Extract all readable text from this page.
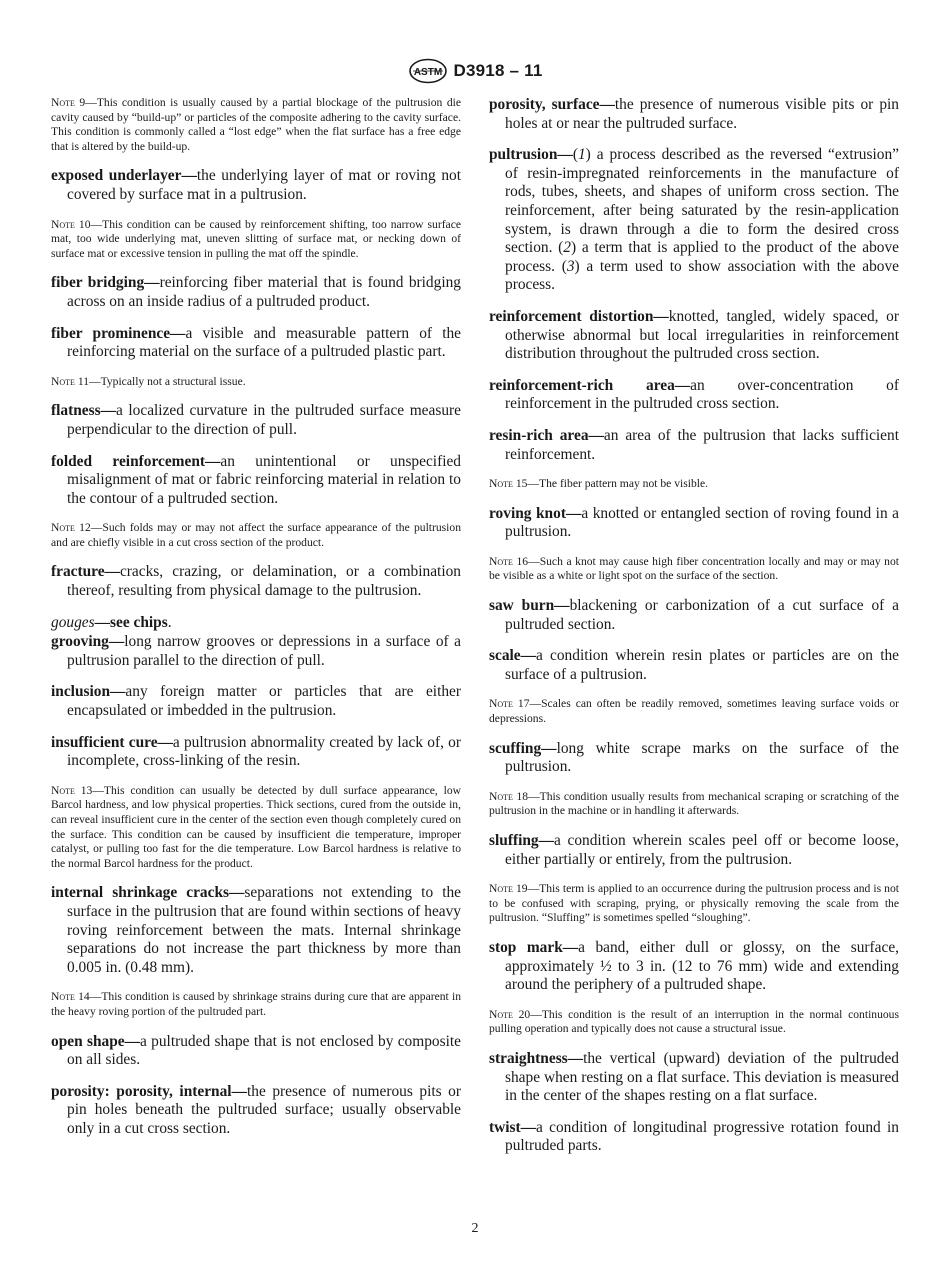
ASTM D3918 – 11

Note 9—This condition is usually caused by a partial blockage of the pultrusion die cavity caused by “build-up” or particles of the composite adhering to the cavity surface. This condition is commonly called a “lost edge” when the flat surface has a free edge that is altered by the build-up.

exposed underlayer—the underlying layer of mat or roving not covered by surface mat in a pultrusion.

Note 10—This condition can be caused by reinforcement shifting, too narrow surface mat, too wide underlying mat, uneven slitting of surface mat, or necking down of surface mat or excessive tension in pulling the mat off the spindle.

fiber bridging—reinforcing fiber material that is found bridging across on an inside radius of a pultruded product.

fiber prominence—a visible and measurable pattern of the reinforcing material on the surface of a pultruded plastic part.

Note 11—Typically not a structural issue.

flatness—a localized curvature in the pultruded surface measure perpendicular to the direction of pull.

folded reinforcement—an unintentional or unspecified misalignment of mat or fabric reinforcing material in relation to the contour of a pultruded section.

Note 12—Such folds may or may not affect the surface appearance of the pultrusion and are chiefly visible in a cut cross section of the product.

fracture—cracks, crazing, or delamination, or a combination thereof, resulting from physical damage to the pultrusion.

gouges—see chips.

grooving—long narrow grooves or depressions in a surface of a pultrusion parallel to the direction of pull.

inclusion—any foreign matter or particles that are either encapsulated or imbedded in the pultrusion.

insufficient cure—a pultrusion abnormality created by lack of, or incomplete, cross-linking of the resin.

Note 13—This condition can usually be detected by dull surface appearance, low Barcol hardness, and low physical properties. Thick sections, cured from the outside in, can reveal insufficient cure in the center of the section even though completely cured on the surface. This condition can be caused by insufficient die temperature, improper catalyst, or pulling too fast for the die temperature. Low Barcol hardness is relative to the normal Barcol hardness for the product.

internal shrinkage cracks—separations not extending to the surface in the pultrusion that are found within sections of heavy roving reinforcement between the mats. Internal shrinkage separations do not increase the part thickness by more than 0.005 in. (0.48 mm).

Note 14—This condition is caused by shrinkage strains during cure that are apparent in the heavy roving portion of the pultruded part.

open shape—a pultruded shape that is not enclosed by composite on all sides.

porosity: porosity, internal—the presence of numerous pits or pin holes beneath the pultruded surface; usually observable only in a cut cross section.

porosity, surface—the presence of numerous visible pits or pin holes at or near the pultruded surface.

pultrusion—(1) a process described as the reversed “extrusion” of resin-impregnated reinforcements in the manufacture of rods, tubes, sheets, and shapes of uniform cross section. The reinforcement, after being saturated by the resin-application system, is drawn through a die to form the desired cross section. (2) a term that is applied to the product of the above process. (3) a term used to show association with the above process.

reinforcement distortion—knotted, tangled, widely spaced, or otherwise abnormal but local irregularities in reinforcement distribution throughout the pultruded cross section.

reinforcement-rich area—an over-concentration of reinforcement in the pultruded cross section.

resin-rich area—an area of the pultrusion that lacks sufficient reinforcement.

Note 15—The fiber pattern may not be visible.

roving knot—a knotted or entangled section of roving found in a pultrusion.

Note 16—Such a knot may cause high fiber concentration locally and may or may not be visible as a white or light spot on the surface of the section.

saw burn—blackening or carbonization of a cut surface of a pultruded section.

scale—a condition wherein resin plates or particles are on the surface of a pultrusion.

Note 17—Scales can often be readily removed, sometimes leaving surface voids or depressions.

scuffing—long white scrape marks on the surface of the pultrusion.

Note 18—This condition usually results from mechanical scraping or scratching of the pultrusion in the machine or in handling it afterwards.

sluffing—a condition wherein scales peel off or become loose, either partially or entirely, from the pultrusion.

Note 19—This term is applied to an occurrence during the pultrusion process and is not to be confused with scraping, prying, or physically removing the scale from the pultrusion. “Sluffing” is sometimes spelled “sloughing”.

stop mark—a band, either dull or glossy, on the surface, approximately ½ to 3 in. (12 to 76 mm) wide and extending around the periphery of a pultruded shape.

Note 20—This condition is the result of an interruption in the normal continuous pulling operation and typically does not cause a structural issue.

straightness—the vertical (upward) deviation of the pultruded shape when resting on a flat surface. This deviation is measured in the center of the shapes resting on a flat surface.

twist—a condition of longitudinal progressive rotation found in pultruded parts.

2
